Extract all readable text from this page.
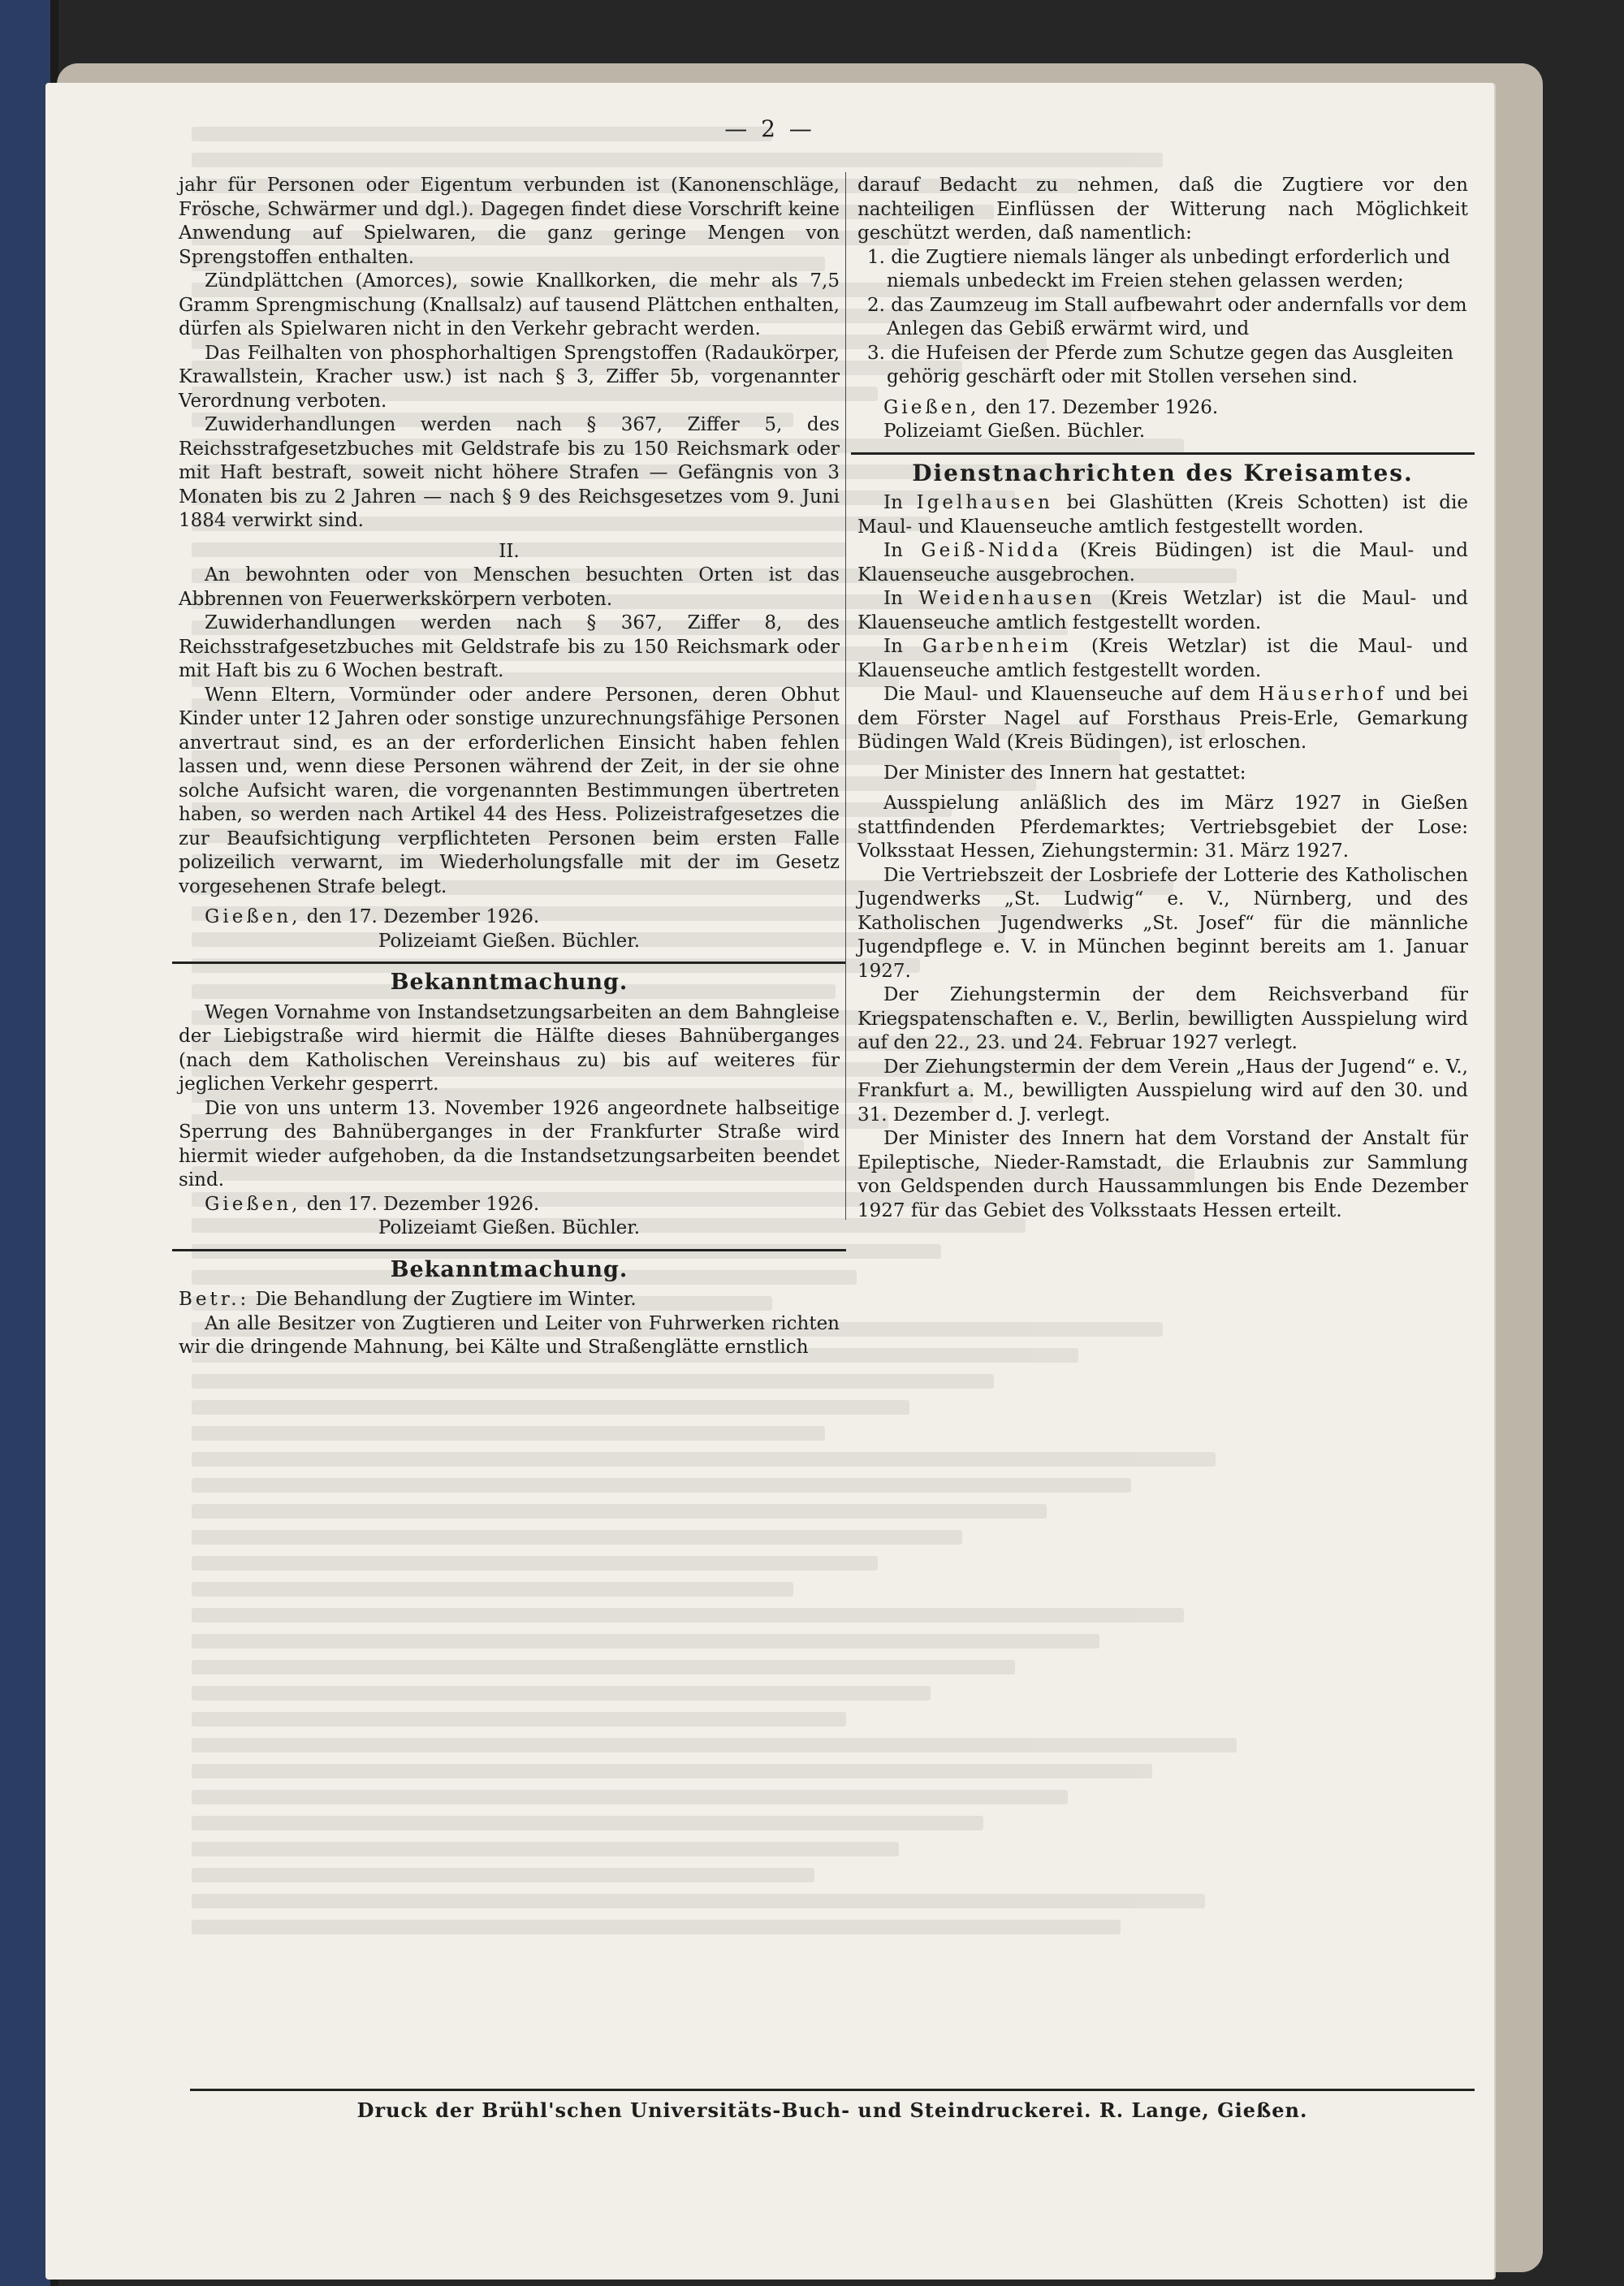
— 2 —

jahr für Personen oder Eigentum verbunden ist (Kanonenschläge, Frösche, Schwärmer und dgl.). Dagegen findet diese Vorschrift keine Anwendung auf Spielwaren, die ganz geringe Mengen von Sprengstoffen enthalten.

Zündplättchen (Amorces), sowie Knallkorken, die mehr als 7,5 Gramm Sprengmischung (Knallsalz) auf tausend Plättchen enthalten, dürfen als Spielwaren nicht in den Verkehr gebracht werden.

Das Feilhalten von phosphorhaltigen Sprengstoffen (Radaukörper, Krawallstein, Kracher usw.) ist nach § 3, Ziffer 5b, vorgenannter Verordnung verboten.

Zuwiderhandlungen werden nach § 367, Ziffer 5, des Reichsstrafgesetzbuches mit Geldstrafe bis zu 150 Reichsmark oder mit Haft bestraft, soweit nicht höhere Strafen — Gefängnis von 3 Monaten bis zu 2 Jahren — nach § 9 des Reichsgesetzes vom 9. Juni 1884 verwirkt sind.

II.

An bewohnten oder von Menschen besuchten Orten ist das Abbrennen von Feuerwerkskörpern verboten.

Zuwiderhandlungen werden nach § 367, Ziffer 8, des Reichsstrafgesetzbuches mit Geldstrafe bis zu 150 Reichsmark oder mit Haft bis zu 6 Wochen bestraft.

Wenn Eltern, Vormünder oder andere Personen, deren Obhut Kinder unter 12 Jahren oder sonstige unzurechnungsfähige Personen anvertraut sind, es an der erforderlichen Einsicht haben fehlen lassen und, wenn diese Personen während der Zeit, in der sie ohne solche Aufsicht waren, die vorgenannten Bestimmungen übertreten haben, so werden nach Artikel 44 des Hess. Polizeistrafgesetzes die zur Beaufsichtigung verpflichteten Personen beim ersten Falle polizeilich verwarnt, im Wiederholungsfalle mit der im Gesetz vorgesehenen Strafe belegt.

Gießen, den 17. Dezember 1926.

Polizeiamt Gießen. Büchler.

Bekanntmachung.

Wegen Vornahme von Instandsetzungsarbeiten an dem Bahngleise der Liebigstraße wird hiermit die Hälfte dieses Bahnüberganges (nach dem Katholischen Vereinshaus zu) bis auf weiteres für jeglichen Verkehr gesperrt.

Die von uns unterm 13. November 1926 angeordnete halbseitige Sperrung des Bahnüberganges in der Frankfurter Straße wird hiermit wieder aufgehoben, da die Instandsetzungsarbeiten beendet sind.

Gießen, den 17. Dezember 1926.

Polizeiamt Gießen. Büchler.

Bekanntmachung.

Betr.: Die Behandlung der Zugtiere im Winter.

An alle Besitzer von Zugtieren und Leiter von Fuhrwerken richten wir die dringende Mahnung, bei Kälte und Straßenglätte ernstlich

darauf Bedacht zu nehmen, daß die Zugtiere vor den nachteiligen Einflüssen der Witterung nach Möglichkeit geschützt werden, daß namentlich:

1. die Zugtiere niemals länger als unbedingt erforderlich und niemals unbedeckt im Freien stehen gelassen werden;

2. das Zaumzeug im Stall aufbewahrt oder andernfalls vor dem Anlegen das Gebiß erwärmt wird, und

3. die Hufeisen der Pferde zum Schutze gegen das Ausgleiten gehörig geschärft oder mit Stollen versehen sind.

Gießen, den 17. Dezember 1926.

Polizeiamt Gießen. Büchler.

Dienstnachrichten des Kreisamtes.

In Igelhausen bei Glashütten (Kreis Schotten) ist die Maul- und Klauenseuche amtlich festgestellt worden.

In Geiß-Nidda (Kreis Büdingen) ist die Maul- und Klauenseuche ausgebrochen.

In Weidenhausen (Kreis Wetzlar) ist die Maul- und Klauenseuche amtlich festgestellt worden.

In Garbenheim (Kreis Wetzlar) ist die Maul- und Klauenseuche amtlich festgestellt worden.

Die Maul- und Klauenseuche auf dem Häuserhof und bei dem Förster Nagel auf Forsthaus Preis-Erle, Gemarkung Büdingen Wald (Kreis Büdingen), ist erloschen.

Der Minister des Innern hat gestattet:

Ausspielung anläßlich des im März 1927 in Gießen stattfindenden Pferdemarktes; Vertriebsgebiet der Lose: Volksstaat Hessen, Ziehungstermin: 31. März 1927.

Die Vertriebszeit der Losbriefe der Lotterie des Katholischen Jugendwerks „St. Ludwig“ e. V., Nürnberg, und des Katholischen Jugendwerks „St. Josef“ für die männliche Jugendpflege e. V. in München beginnt bereits am 1. Januar 1927.

Der Ziehungstermin der dem Reichsverband für Kriegspatenschaften e. V., Berlin, bewilligten Ausspielung wird auf den 22., 23. und 24. Februar 1927 verlegt.

Der Ziehungstermin der dem Verein „Haus der Jugend“ e. V., Frankfurt a. M., bewilligten Ausspielung wird auf den 30. und 31. Dezember d. J. verlegt.

Der Minister des Innern hat dem Vorstand der Anstalt für Epileptische, Nieder-Ramstadt, die Erlaubnis zur Sammlung von Geldspenden durch Haussammlungen bis Ende Dezember 1927 für das Gebiet des Volksstaats Hessen erteilt.

Druck der Brühl'schen Universitäts-Buch- und Steindruckerei. R. Lange, Gießen.
